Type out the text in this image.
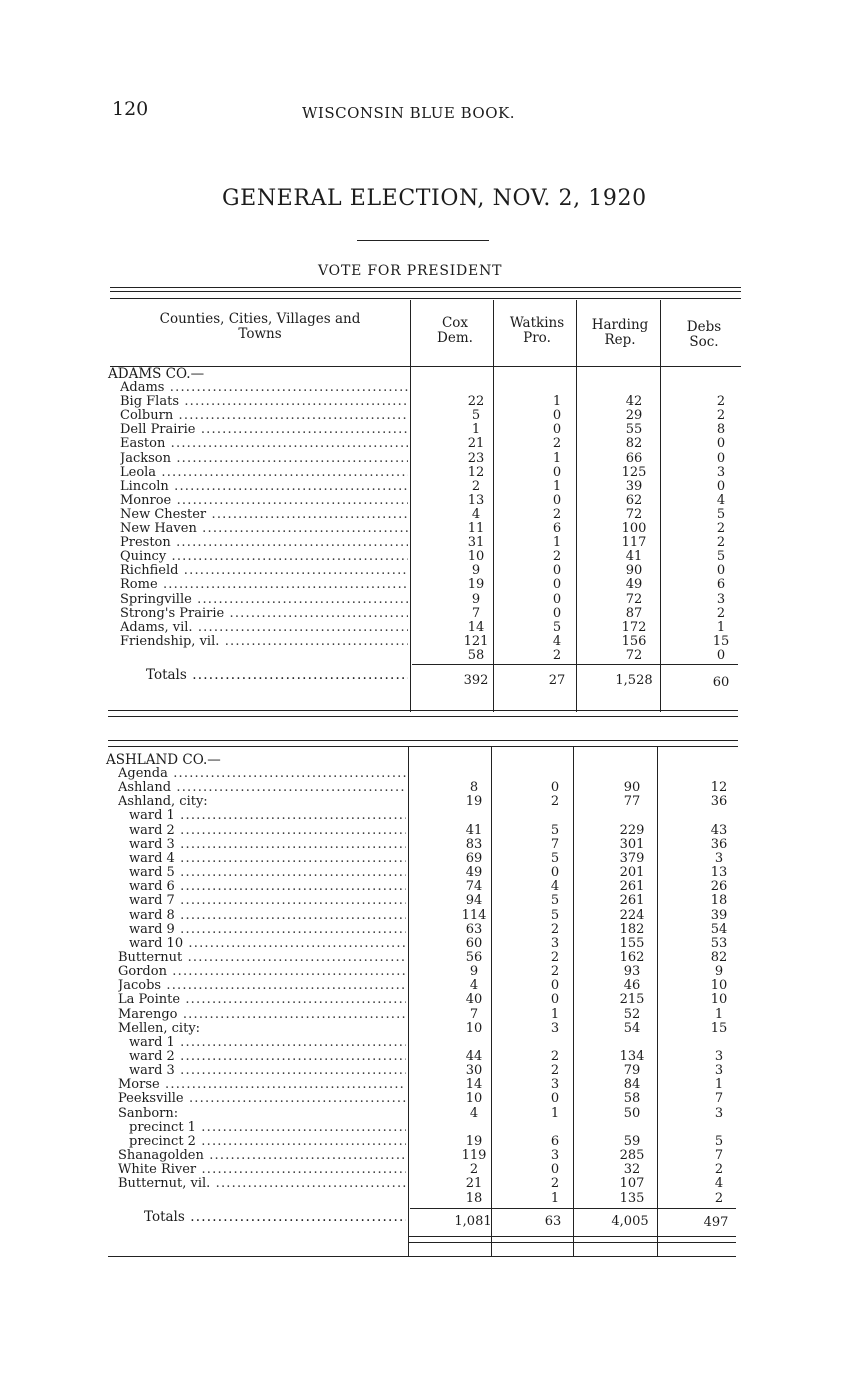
120	WISCONSIN BLUE BOOK.
GENERAL ELECTION, NOV. 2, 1920
VOTE FOR PRESIDENT
Counties, Cities, Villages and
Towns
Cox
Dem.
Watkins
Pro.
Harding
Rep.
Debs
Soc.
ADAMS CO.—
Adams .....
Big Flats .....	22	1	42	2
Colburn .....	5	0	29	2
Dell Prairie .....	1	0	55	8
Easton .....	21	2	82	0
Jackson .....	23	1	66	0
Leola .....	12	0	125	3
Lincoln .....	2	1	39	0
Monroe .....	13	0	62	4
New Chester .....	4	2	72	5
New Haven .....	11	6	100	2
Preston .....	31	1	117	2
Quincy .....	10	2	41	5
Richfield .....	9	0	90	0
Rome .....	19	0	49	6
Springville .....	9	0	72	3
Strong's Prairie .....	7	0	87	2
Adams, vil. .....	14	5	172	1
Friendship, vil. .....	121	4	156	15
58	2	72	0
Totals .....	392	27	1,528	60
ASHLAND CO.—
Agenda .....
Ashland .....	8	0	90	12
Ashland, city:	19	2	77	36
ward 1 .....
ward 2 .....	41	5	229	43
ward 3 .....	83	7	301	36
ward 4 .....	69	5	379	3
ward 5 .....	49	0	201	13
ward 6 .....	74	4	261	26
ward 7 .....	94	5	261	18
ward 8 .....	114	5	224	39
ward 9 .....	63	2	182	54
ward 10 .....	60	3	155	53
Butternut .....	56	2	162	82
Gordon .....	9	2	93	9
Jacobs .....	4	0	46	10
La Pointe .....	40	0	215	10
Marengo .....	7	1	52	1
Mellen, city:	10	3	54	15
ward 1 .....
ward 2 .....	44	2	134	3
ward 3 .....	30	2	79	3
Morse .....	14	3	84	1
Peeksville .....	10	0	58	7
Sanborn:	4	1	50	3
precinct 1 .....
precinct 2 .....	19	6	59	5
Shanagolden .....	119	3	285	7
White River .....	2	0	32	2
Butternut, vil. .....	21	2	107	4
18	1	135	2
Totals .....	1,081	63	4,005	497
